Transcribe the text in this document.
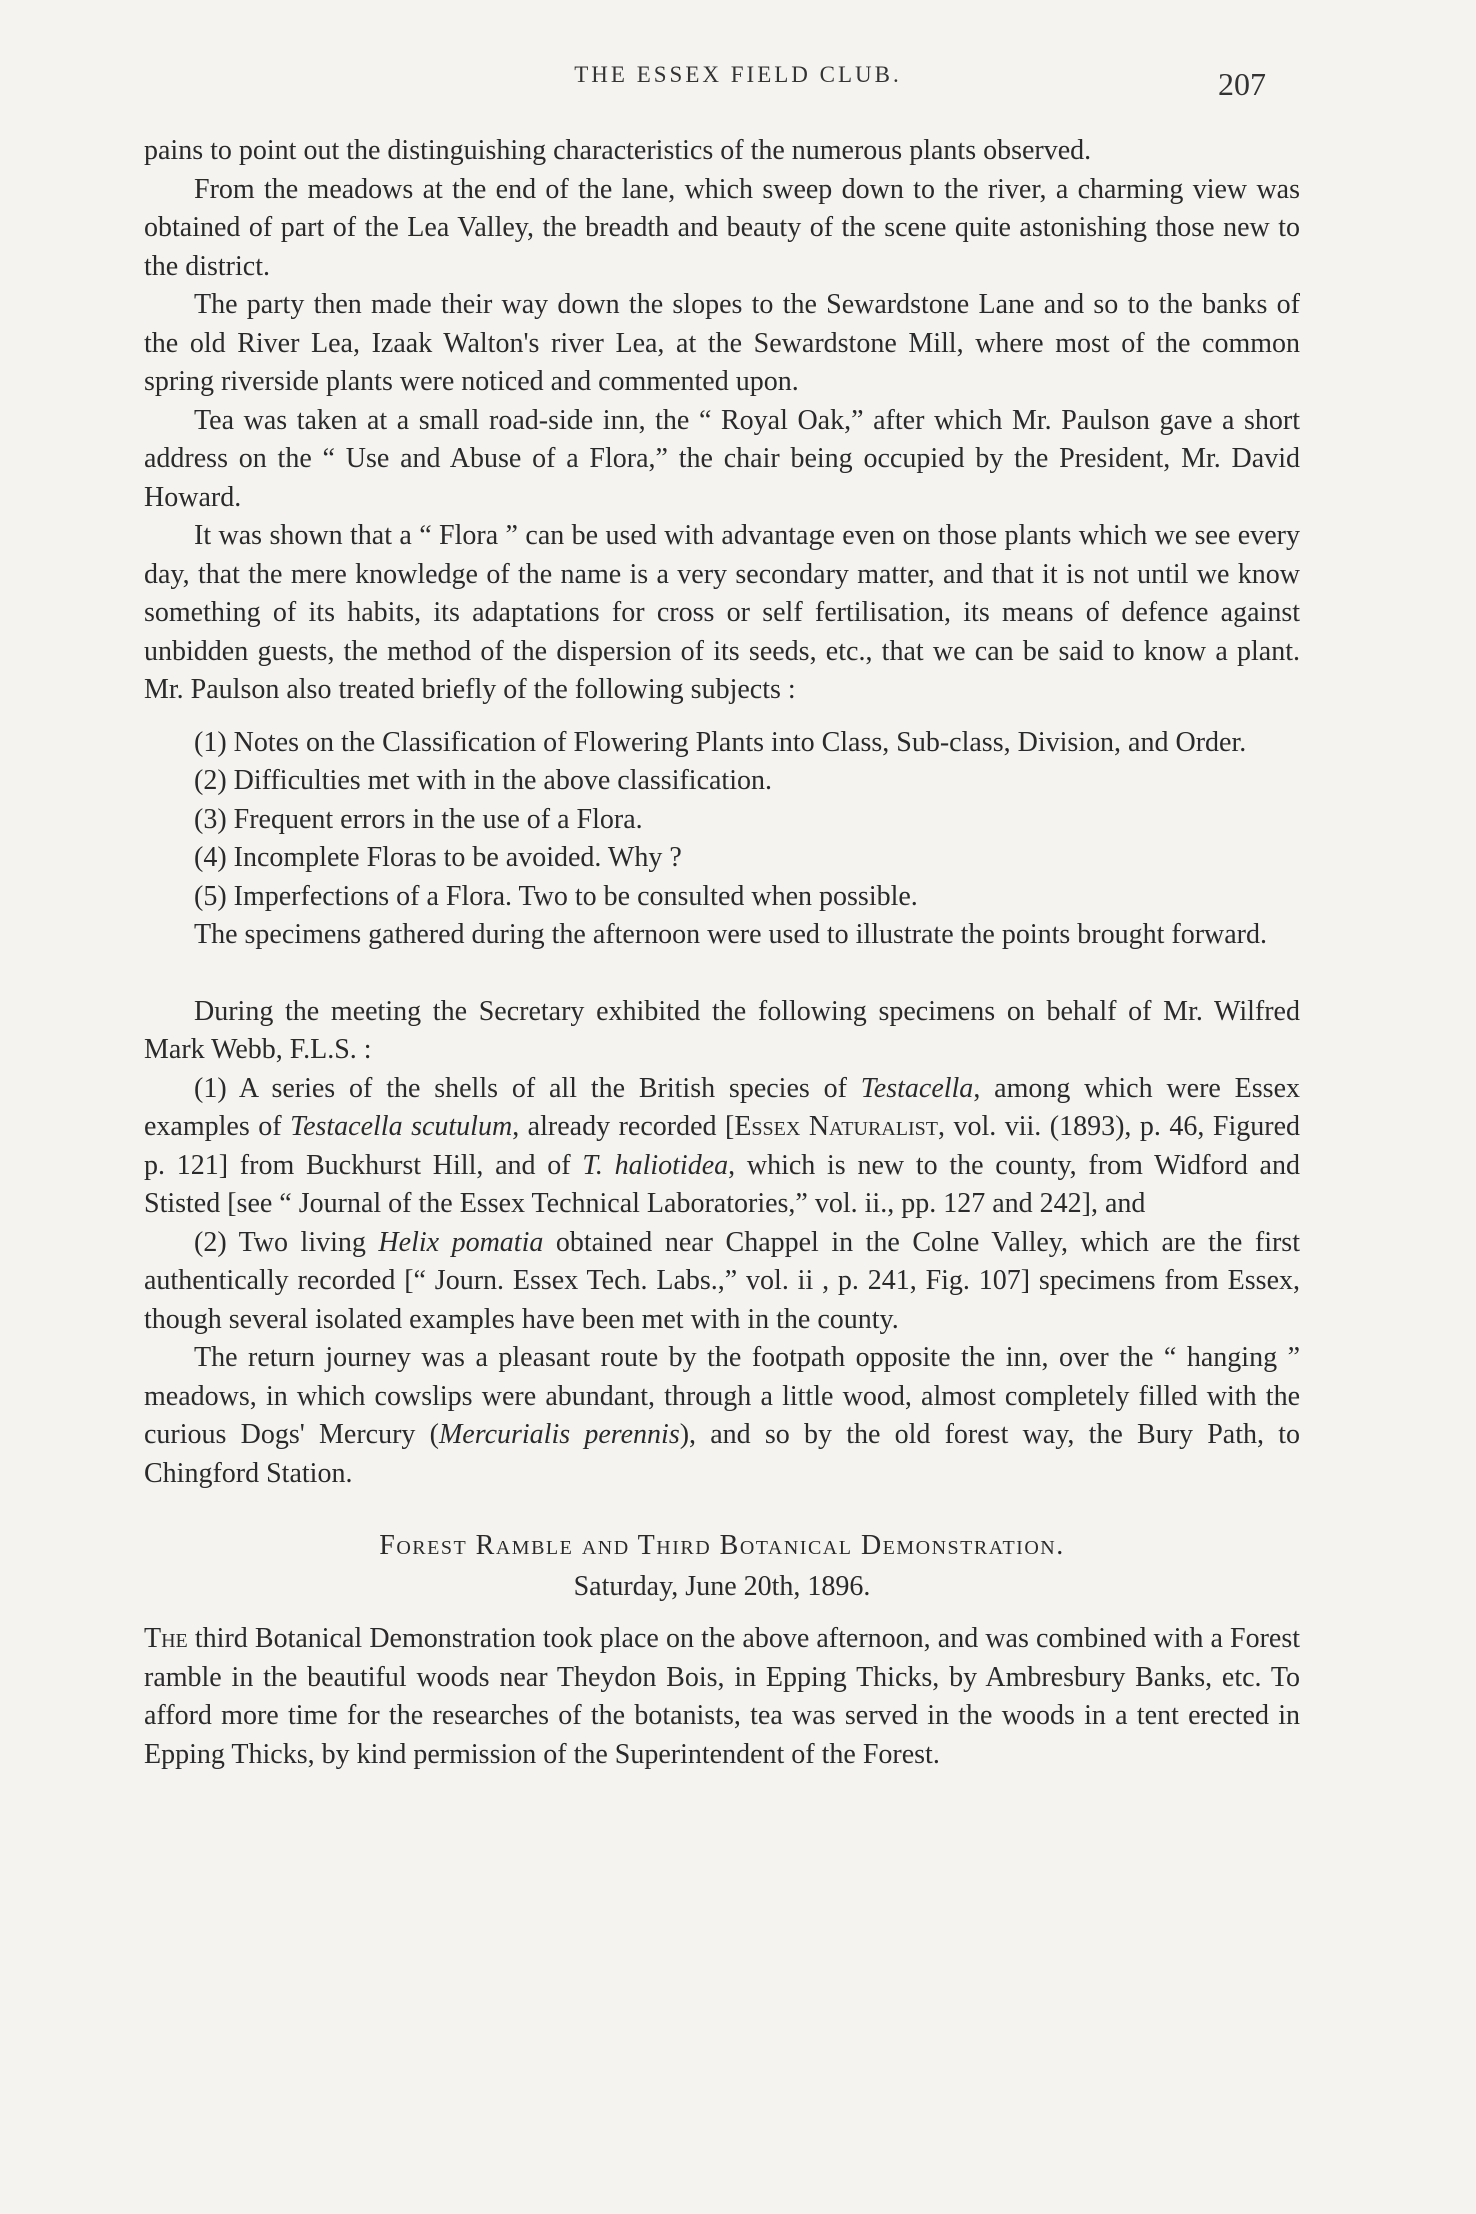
THE ESSEX FIELD CLUB.	207

pains to point out the distinguishing characteristics of the numerous plants observed.

From the meadows at the end of the lane, which sweep down to the river, a charming view was obtained of part of the Lea Valley, the breadth and beauty of the scene quite astonishing those new to the district.

The party then made their way down the slopes to the Sewardstone Lane and so to the banks of the old River Lea, Izaak Walton's river Lea, at the Sewardstone Mill, where most of the common spring riverside plants were noticed and commented upon.

Tea was taken at a small road-side inn, the “ Royal Oak,” after which Mr. Paulson gave a short address on the “ Use and Abuse of a Flora,” the chair being occupied by the President, Mr. David Howard.

It was shown that a “ Flora ” can be used with advantage even on those plants which we see every day, that the mere knowledge of the name is a very secondary matter, and that it is not until we know something of its habits, its adaptations for cross or self fertilisation, its means of defence against unbidden guests, the method of the dispersion of its seeds, etc., that we can be said to know a plant. Mr. Paulson also treated briefly of the following subjects :

(1) Notes on the Classification of Flowering Plants into Class, Sub-class, Division, and Order.

(2) Difficulties met with in the above classification.

(3) Frequent errors in the use of a Flora.

(4) Incomplete Floras to be avoided. Why ?

(5) Imperfections of a Flora. Two to be consulted when possible.

The specimens gathered during the afternoon were used to illustrate the points brought forward.

During the meeting the Secretary exhibited the following specimens on behalf of Mr. Wilfred Mark Webb, F.L.S. :

(1) A series of the shells of all the British species of Testacella, among which were Essex examples of Testacella scutulum, already recorded [Essex Naturalist, vol. vii. (1893), p. 46, Figured p. 121] from Buckhurst Hill, and of T. haliotidea, which is new to the county, from Widford and Stisted [see “ Journal of the Essex Technical Laboratories,” vol. ii., pp. 127 and 242], and

(2) Two living Helix pomatia obtained near Chappel in the Colne Valley, which are the first authentically recorded [“ Journ. Essex Tech. Labs.,” vol. ii , p. 241, Fig. 107] specimens from Essex, though several isolated examples have been met with in the county.

The return journey was a pleasant route by the footpath opposite the inn, over the “ hanging ” meadows, in which cowslips were abundant, through a little wood, almost completely filled with the curious Dogs' Mercury (Mercurialis perennis), and so by the old forest way, the Bury Path, to Chingford Station.

Forest Ramble and Third Botanical Demonstration.

Saturday, June 20th, 1896.

The third Botanical Demonstration took place on the above afternoon, and was combined with a Forest ramble in the beautiful woods near Theydon Bois, in Epping Thicks, by Ambresbury Banks, etc. To afford more time for the researches of the botanists, tea was served in the woods in a tent erected in Epping Thicks, by kind permission of the Superintendent of the Forest.
